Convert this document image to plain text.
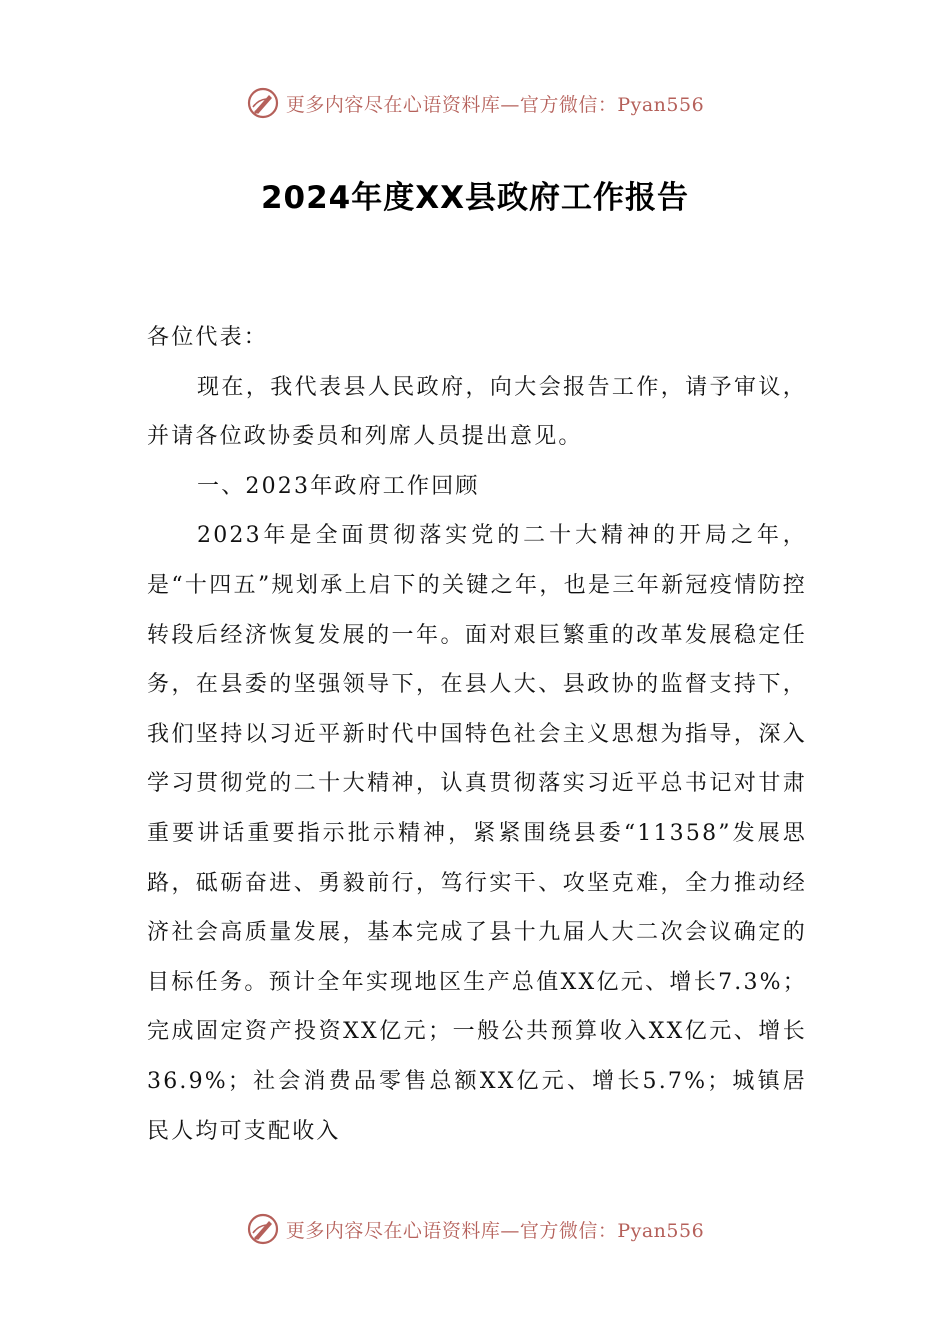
更多内容尽在心语资料库—官方微信：Pyan556
2024年度XX县政府工作报告

各位代表：

现在，我代表县人民政府，向大会报告工作，请予审议，并请各位政协委员和列席人员提出意见。

一、2023年政府工作回顾

2023年是全面贯彻落实党的二十大精神的开局之年，是“十四五”规划承上启下的关键之年，也是三年新冠疫情防控转段后经济恢复发展的一年。面对艰巨繁重的改革发展稳定任务，在县委的坚强领导下，在县人大、县政协的监督支持下，我们坚持以习近平新时代中国特色社会主义思想为指导，深入学习贯彻党的二十大精神，认真贯彻落实习近平总书记对甘肃重要讲话重要指示批示精神，紧紧围绕县委“11358”发展思路，砥砺奋进、勇毅前行，笃行实干、攻坚克难，全力推动经济社会高质量发展，基本完成了县十九届人大二次会议确定的目标任务。预计全年实现地区生产总值XX亿元、增长7.3%；完成固定资产投资XX亿元；一般公共预算收入XX亿元、增长36.9%；社会消费品零售总额XX亿元、增长5.7%；城镇居民人均可支配收入

更多内容尽在心语资料库—官方微信：Pyan556
